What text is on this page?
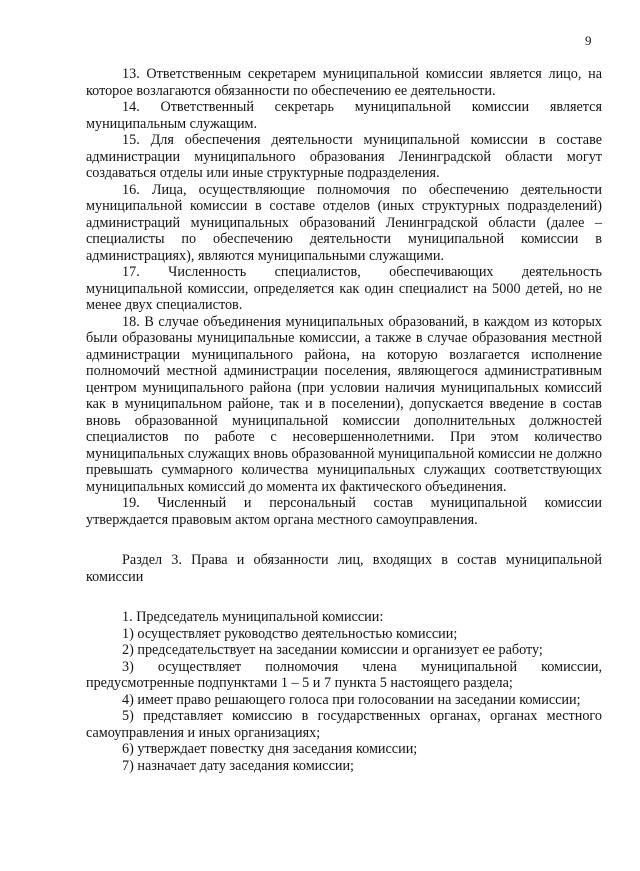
9

13. Ответственным секретарем муниципальной комиссии является лицо, на которое возлагаются обязанности по обеспечению ее деятельности.

14. Ответственный секретарь муниципальной комиссии является муниципальным служащим.

15. Для обеспечения деятельности муниципальной комиссии в составе администрации муниципального образования Ленинградской области могут создаваться отделы или иные структурные подразделения.

16. Лица, осуществляющие полномочия по обеспечению деятельности муниципальной комиссии в составе отделов (иных структурных подразделений) администраций муниципальных образований Ленинградской области (далее – специалисты по обеспечению деятельности муниципальной комиссии в администрациях), являются муниципальными служащими.

17. Численность специалистов, обеспечивающих деятельность муниципальной комиссии, определяется как один специалист на 5000 детей, но не менее двух специалистов.

18. В случае объединения муниципальных образований, в каждом из которых были образованы муниципальные комиссии, а также в случае образования местной администрации муниципального района, на которую возлагается исполнение полномочий местной администрации поселения, являющегося административным центром муниципального района (при условии наличия муниципальных комиссий как в муниципальном районе, так и в поселении), допускается введение в состав вновь образованной муниципальной комиссии дополнительных должностей специалистов по работе с несовершеннолетними. При этом количество муниципальных служащих вновь образованной муниципальной комиссии не должно превышать суммарного количества муниципальных служащих соответствующих муниципальных комиссий до момента их фактического объединения.

19. Численный и персональный состав муниципальной комиссии утверждается правовым актом органа местного самоуправления.

Раздел 3. Права и обязанности лиц, входящих в состав муниципальной комиссии

1. Председатель муниципальной комиссии:

1) осуществляет руководство деятельностью комиссии;

2) председательствует на заседании комиссии и организует ее работу;

3) осуществляет полномочия члена муниципальной комиссии, предусмотренные подпунктами 1 – 5 и 7 пункта 5 настоящего раздела;

4) имеет право решающего голоса при голосовании на заседании комиссии;

5) представляет комиссию в государственных органах, органах местного самоуправления и иных организациях;

6) утверждает повестку дня заседания комиссии;

7) назначает дату заседания комиссии;
